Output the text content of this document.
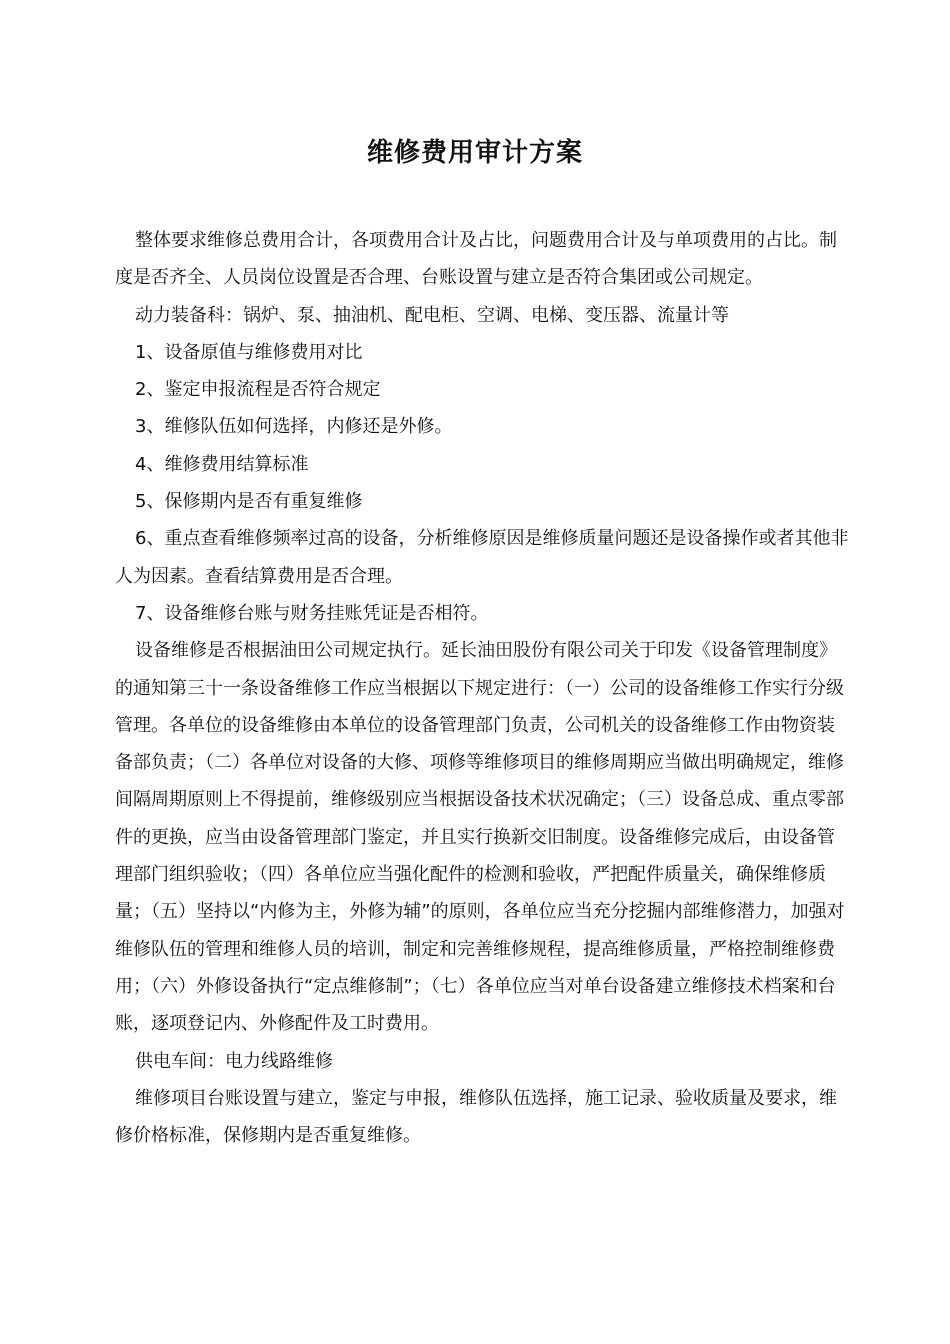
维修费用审计方案

整体要求维修总费用合计，各项费用合计及占比，问题费用合计及与单项费用的占比。制度是否齐全、人员岗位设置是否合理、台账设置与建立是否符合集团或公司规定。

动力装备科：锅炉、泵、抽油机、配电柜、空调、电梯、变压器、流量计等

1、设备原值与维修费用对比

2、鉴定申报流程是否符合规定

3、维修队伍如何选择，内修还是外修。

4、维修费用结算标准

5、保修期内是否有重复维修

6、重点查看维修频率过高的设备，分析维修原因是维修质量问题还是设备操作或者其他非人为因素。查看结算费用是否合理。

7、设备维修台账与财务挂账凭证是否相符。

设备维修是否根据油田公司规定执行。延长油田股份有限公司关于印发《设备管理制度》的通知第三十一条设备维修工作应当根据以下规定进行：（一）公司的设备维修工作实行分级管理。各单位的设备维修由本单位的设备管理部门负责，公司机关的设备维修工作由物资装备部负责；（二）各单位对设备的大修、项修等维修项目的维修周期应当做出明确规定，维修间隔周期原则上不得提前，维修级别应当根据设备技术状况确定；（三）设备总成、重点零部件的更换，应当由设备管理部门鉴定，并且实行换新交旧制度。设备维修完成后，由设备管理部门组织验收；（四）各单位应当强化配件的检测和验收，严把配件质量关，确保维修质量；（五）坚持以“内修为主，外修为辅”的原则，各单位应当充分挖掘内部维修潜力，加强对维修队伍的管理和维修人员的培训，制定和完善维修规程，提高维修质量，严格控制维修费用；（六）外修设备执行“定点维修制”；（七）各单位应当对单台设备建立维修技术档案和台账，逐项登记内、外修配件及工时费用。

供电车间：电力线路维修

维修项目台账设置与建立，鉴定与申报，维修队伍选择，施工记录、验收质量及要求，维修价格标准，保修期内是否重复维修。
